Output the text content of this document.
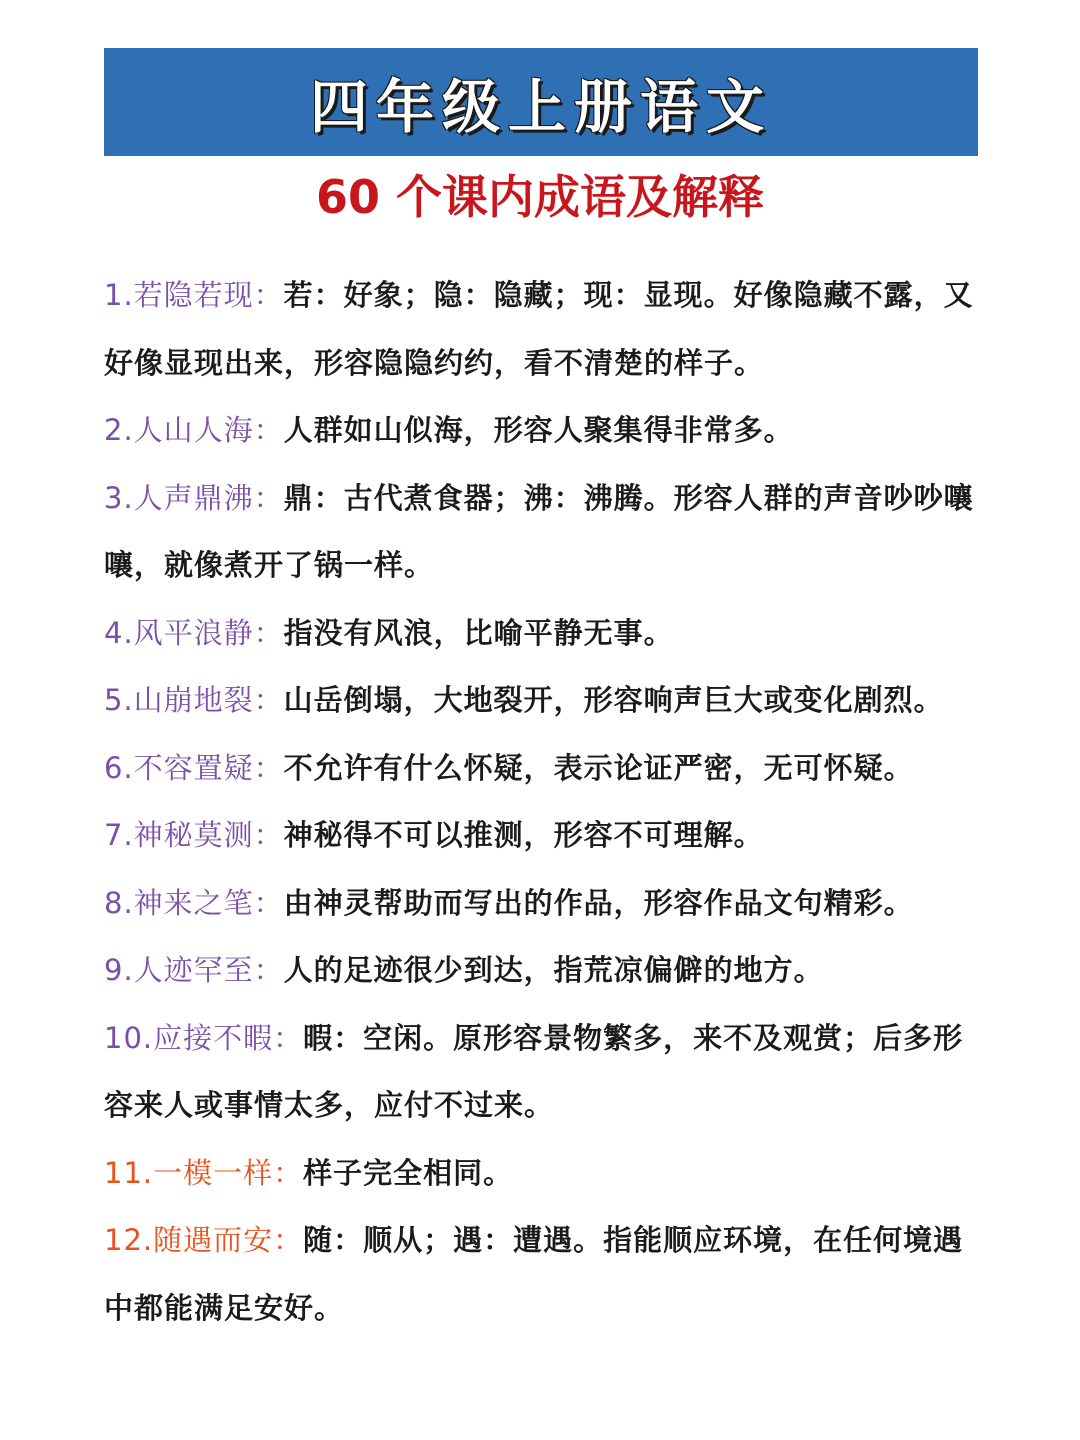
四年级上册语文
60 个课内成语及解释
1.若隐若现：若：好象；隐：隐藏；现：显现。好像隐藏不露，又好像显现出来，形容隐隐约约，看不清楚的样子。
2.人山人海：人群如山似海，形容人聚集得非常多。
3.人声鼎沸：鼎：古代煮食器；沸：沸腾。形容人群的声音吵吵嚷嚷，就像煮开了锅一样。
4.风平浪静：指没有风浪，比喻平静无事。
5.山崩地裂：山岳倒塌，大地裂开，形容响声巨大或变化剧烈。
6.不容置疑：不允许有什么怀疑，表示论证严密，无可怀疑。
7.神秘莫测：神秘得不可以推测，形容不可理解。
8.神来之笔：由神灵帮助而写出的作品，形容作品文句精彩。
9.人迹罕至：人的足迹很少到达，指荒凉偏僻的地方。
10.应接不暇：暇：空闲。原形容景物繁多，来不及观赏；后多形容来人或事情太多，应付不过来。
11.一模一样：样子完全相同。
12.随遇而安：随：顺从；遇：遭遇。指能顺应环境，在任何境遇中都能满足安好。
